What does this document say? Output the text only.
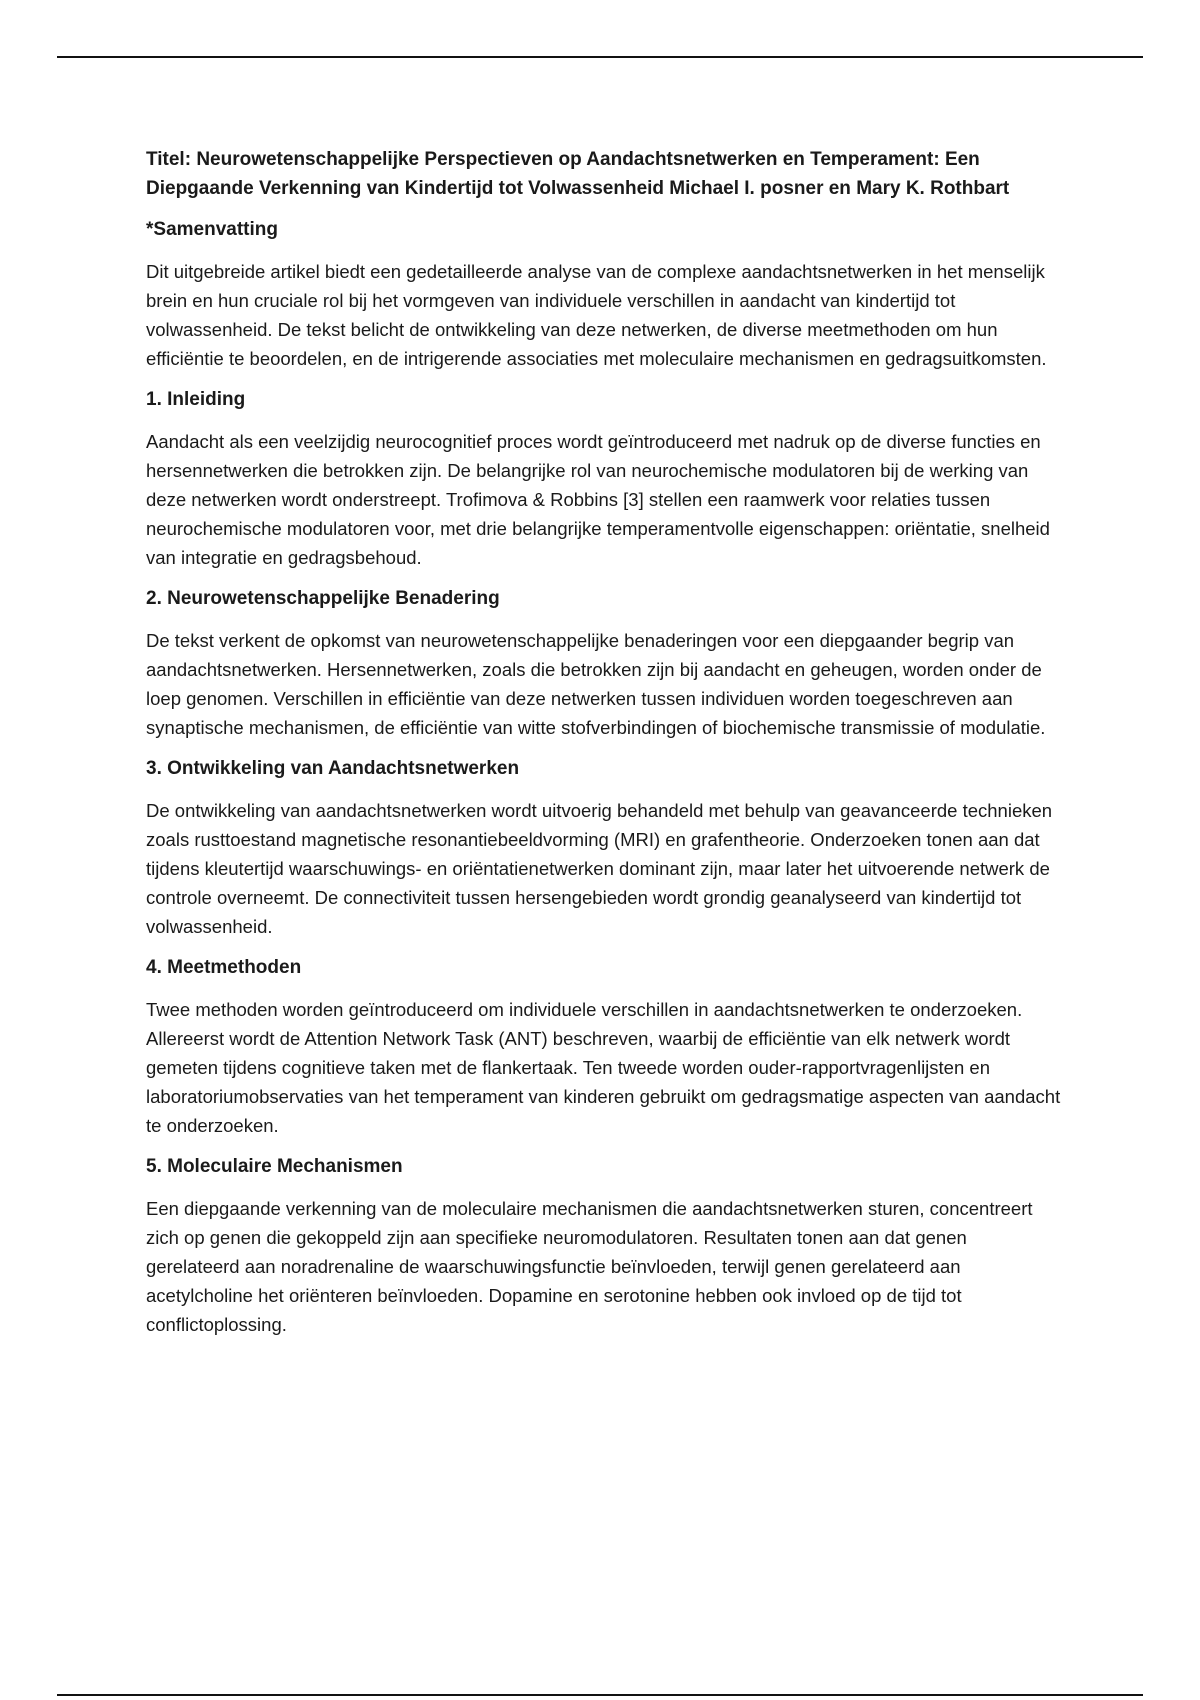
Titel: Neurowetenschappelijke Perspectieven op Aandachtsnetwerken en Temperament: Een Diepgaande Verkenning van Kindertijd tot Volwassenheid Michael I. posner en Mary K. Rothbart
*Samenvatting
Dit uitgebreide artikel biedt een gedetailleerde analyse van de complexe aandachtsnetwerken in het menselijk brein en hun cruciale rol bij het vormgeven van individuele verschillen in aandacht van kindertijd tot volwassenheid. De tekst belicht de ontwikkeling van deze netwerken, de diverse meetmethoden om hun efficiëntie te beoordelen, en de intrigerende associaties met moleculaire mechanismen en gedragsuitkomsten.
1. Inleiding
Aandacht als een veelzijdig neurocognitief proces wordt geïntroduceerd met nadruk op de diverse functies en hersennetwerken die betrokken zijn. De belangrijke rol van neurochemische modulatoren bij de werking van deze netwerken wordt onderstreept. Trofimova & Robbins [3] stellen een raamwerk voor relaties tussen neurochemische modulatoren voor, met drie belangrijke temperamentvolle eigenschappen: oriëntatie, snelheid van integratie en gedragsbehoud.
2. Neurowetenschappelijke Benadering
De tekst verkent de opkomst van neurowetenschappelijke benaderingen voor een diepgaander begrip van aandachtsnetwerken. Hersennetwerken, zoals die betrokken zijn bij aandacht en geheugen, worden onder de loep genomen. Verschillen in efficiëntie van deze netwerken tussen individuen worden toegeschreven aan synaptische mechanismen, de efficiëntie van witte stofverbindingen of biochemische transmissie of modulatie.
3. Ontwikkeling van Aandachtsnetwerken
De ontwikkeling van aandachtsnetwerken wordt uitvoerig behandeld met behulp van geavanceerde technieken zoals rusttoestand magnetische resonantiebeeldvorming (MRI) en grafentheorie. Onderzoeken tonen aan dat tijdens kleutertijd waarschuwings- en oriëntatienetwerken dominant zijn, maar later het uitvoerende netwerk de controle overneemt. De connectiviteit tussen hersengebieden wordt grondig geanalyseerd van kindertijd tot volwassenheid.
4. Meetmethoden
Twee methoden worden geïntroduceerd om individuele verschillen in aandachtsnetwerken te onderzoeken. Allereerst wordt de Attention Network Task (ANT) beschreven, waarbij de efficiëntie van elk netwerk wordt gemeten tijdens cognitieve taken met de flankertaak. Ten tweede worden ouder-rapportvragenlijsten en laboratoriumobservaties van het temperament van kinderen gebruikt om gedragsmatige aspecten van aandacht te onderzoeken.
5. Moleculaire Mechanismen
Een diepgaande verkenning van de moleculaire mechanismen die aandachtsnetwerken sturen, concentreert zich op genen die gekoppeld zijn aan specifieke neuromodulatoren. Resultaten tonen aan dat genen gerelateerd aan noradrenaline de waarschuwingsfunctie beïnvloeden, terwijl genen gerelateerd aan acetylcholine het oriënteren beïnvloeden. Dopamine en serotonine hebben ook invloed op de tijd tot conflictoplossing.
